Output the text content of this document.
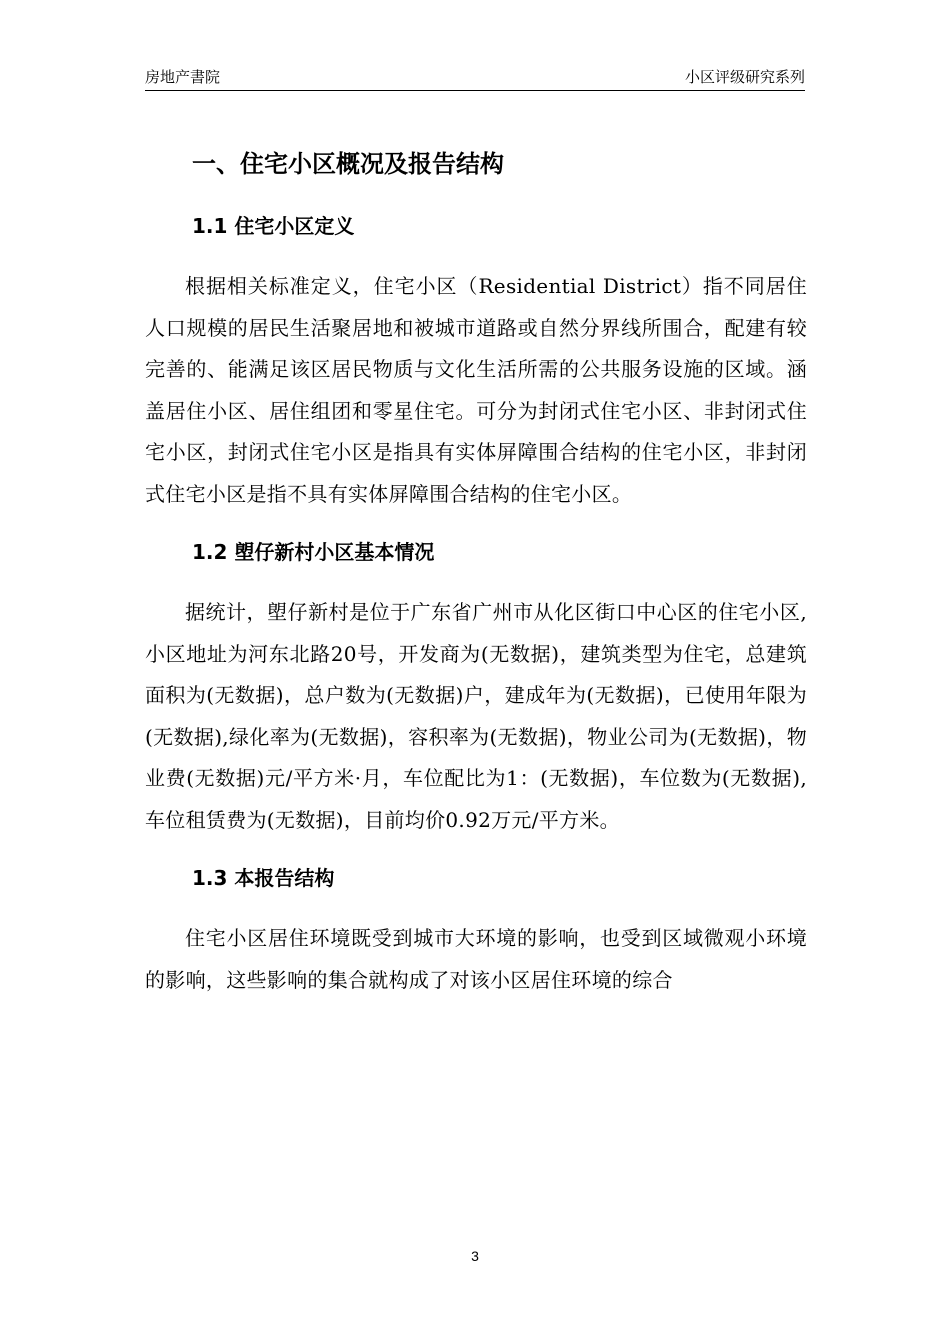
房地产書院	小区评级研究系列
一、住宅小区概况及报告结构
1.1 住宅小区定义

根据相关标准定义，住宅小区（Residential District）指不同居住人口规模的居民生活聚居地和被城市道路或自然分界线所围合，配建有较完善的、能满足该区居民物质与文化生活所需的公共服务设施的区域。涵盖居住小区、居住组团和零星住宅。可分为封闭式住宅小区、非封闭式住宅小区，封闭式住宅小区是指具有实体屏障围合结构的住宅小区，非封闭式住宅小区是指不具有实体屏障围合结构的住宅小区。

1.2 塱仔新村小区基本情况

据统计，塱仔新村是位于广东省广州市从化区街口中心区的住宅小区,小区地址为河东北路20号，开发商为(无数据)，建筑类型为住宅，总建筑面积为(无数据)，总户数为(无数据)户，建成年为(无数据)，已使用年限为(无数据),绿化率为(无数据)，容积率为(无数据)，物业公司为(无数据)，物业费(无数据)元/平方米·月，车位配比为1：(无数据)，车位数为(无数据),车位租赁费为(无数据)，目前均价0.92万元/平方米。

1.3 本报告结构

住宅小区居住环境既受到城市大环境的影响，也受到区域微观小环境的影响，这些影响的集合就构成了对该小区居住环境的综合

3
